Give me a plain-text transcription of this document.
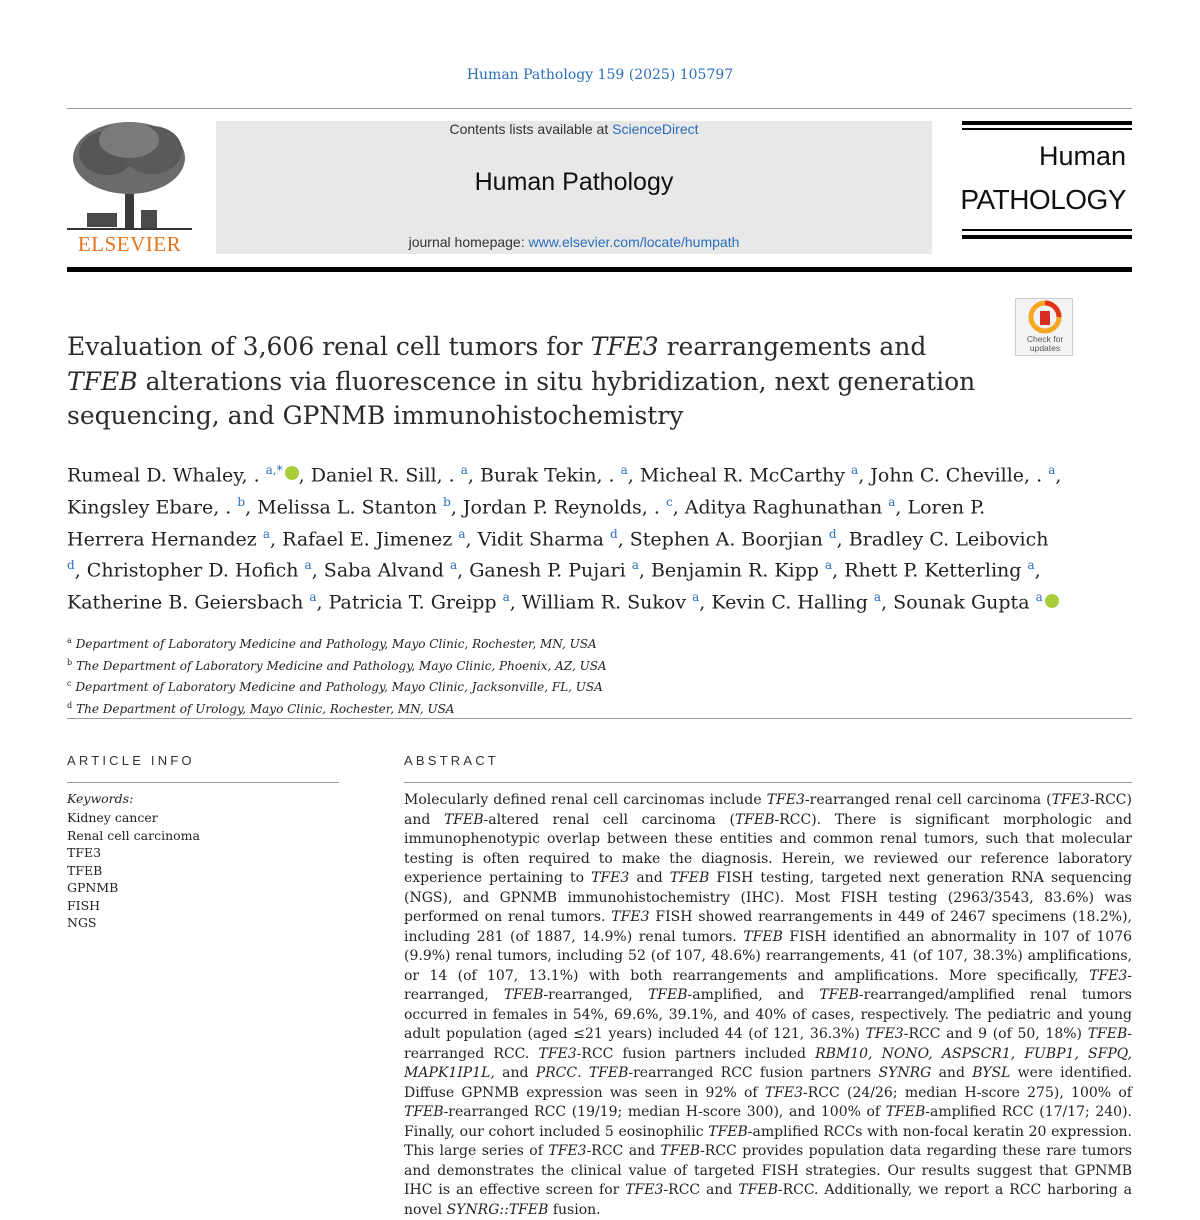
Human Pathology 159 (2025) 105797
ELSEVIER
Contents lists available at ScienceDirect
Human Pathology
journal homepage: www.elsevier.com/locate/humpath
Human
PATHOLOGY
Check for
updates
Evaluation of 3,606 renal cell tumors for TFE3 rearrangements and TFEB alterations via fluorescence in situ hybridization, next generation sequencing, and GPNMB immunohistochemistry
Rumeal D. Whaley, . $^{a,*}$ , Daniel R. Sill, . $^a$, Burak Tekin, . $^a$, Micheal R. McCarthy $^a$, John C. Cheville, . $^a$, Kingsley Ebare, . $^b$, Melissa L. Stanton $^b$, Jordan P. Reynolds, . $^c$, Aditya Raghunathan $^a$, Loren P. Herrera Hernandez $^a$, Rafael E. Jimenez $^a$, Vidit Sharma $^d$, Stephen A. Boorjian $^d$, Bradley C. Leibovich $^d$, Christopher D. Hofich $^a$, Saba Alvand $^a$, Ganesh P. Pujari $^a$, Benjamin R. Kipp $^a$, Rhett P. Ketterling $^a$, Katherine B. Geiersbach $^a$, Patricia T. Greipp $^a$, William R. Sukov $^a$, Kevin C. Halling $^a$, Sounak Gupta $^a$
$^a$ Department of Laboratory Medicine and Pathology, Mayo Clinic, Rochester, MN, USA
$^b$ The Department of Laboratory Medicine and Pathology, Mayo Clinic, Phoenix, AZ, USA
$^c$ Department of Laboratory Medicine and Pathology, Mayo Clinic, Jacksonville, FL, USA
$^d$ The Department of Urology, Mayo Clinic, Rochester, MN, USA
ARTICLE INFO
Keywords:
Kidney cancer
Renal cell carcinoma
TFE3
TFEB
GPNMB
FISH
NGS
ABSTRACT

Molecularly defined renal cell carcinomas include TFE3-rearranged renal cell carcinoma (TFE3-RCC) and TFEB-altered renal cell carcinoma (TFEB-RCC). There is significant morphologic and immunophenotypic overlap between these entities and common renal tumors, such that molecular testing is often required to make the diagnosis. Herein, we reviewed our reference laboratory experience pertaining to TFE3 and TFEB FISH testing, targeted next generation RNA sequencing (NGS), and GPNMB immunohistochemistry (IHC). Most FISH testing (2963/3543, 83.6%) was performed on renal tumors. TFE3 FISH showed rearrangements in 449 of 2467 specimens (18.2%), including 281 (of 1887, 14.9%) renal tumors. TFEB FISH identified an abnormality in 107 of 1076 (9.9%) renal tumors, including 52 (of 107, 48.6%) rearrangements, 41 (of 107, 38.3%) amplifications, or 14 (of 107, 13.1%) with both rearrangements and amplifications. More specifically, TFE3-rearranged, TFEB-rearranged, TFEB-amplified, and TFEB-rearranged/amplified renal tumors occurred in females in 54%, 69.6%, 39.1%, and 40% of cases, respectively. The pediatric and young adult population (aged ≤21 years) included 44 (of 121, 36.3%) TFE3-RCC and 9 (of 50, 18%) TFEB-rearranged RCC. TFE3-RCC fusion partners included RBM10, NONO, ASPSCR1, FUBP1, SFPQ, MAPK1IP1L, and PRCC. TFEB-rearranged RCC fusion partners SYNRG and BYSL were identified. Diffuse GPNMB expression was seen in 92% of TFE3-RCC (24/26; median H-score 275), 100% of TFEB-rearranged RCC (19/19; median H-score 300), and 100% of TFEB-amplified RCC (17/17; 240). Finally, our cohort included 5 eosinophilic TFEB-amplified RCCs with non-focal keratin 20 expression. This large series of TFE3-RCC and TFEB-RCC provides population data regarding these rare tumors and demonstrates the clinical value of targeted FISH strategies. Our results suggest that GPNMB IHC is an effective screen for TFE3-RCC and TFEB-RCC. Additionally, we report a RCC harboring a novel SYNRG::TFEB fusion.
